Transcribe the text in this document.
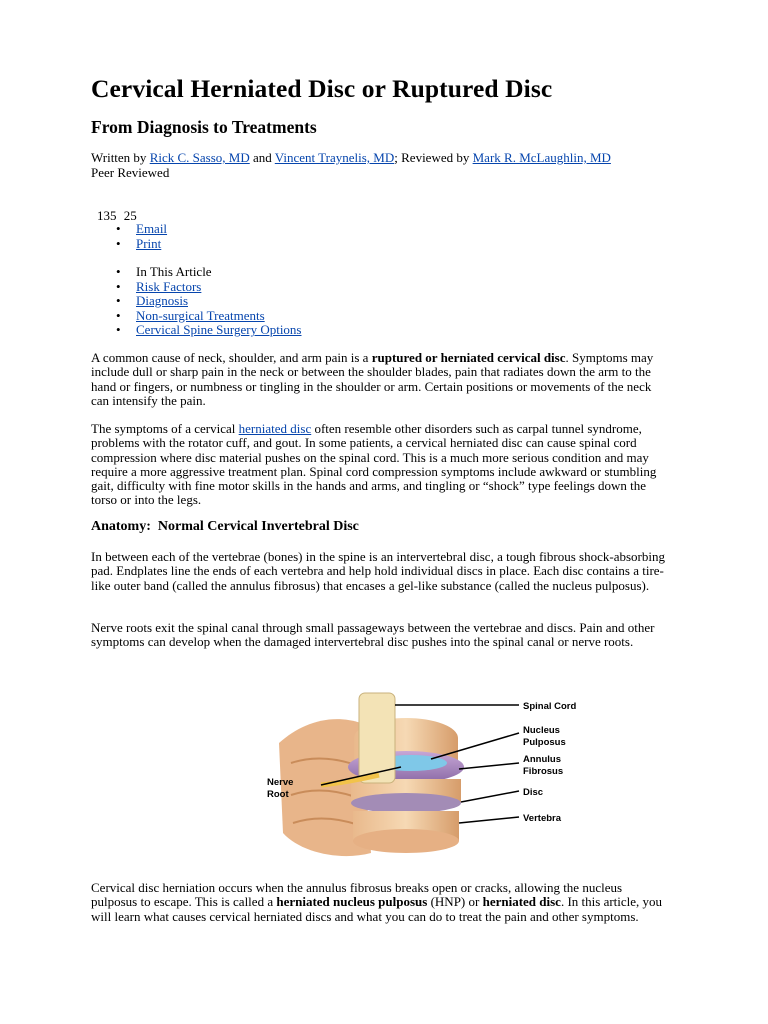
Cervical Herniated Disc or Ruptured Disc
From Diagnosis to Treatments
Written by Rick C. Sasso, MD and Vincent Traynelis, MD; Reviewed by Mark R. McLaughlin, MD
Peer Reviewed
135 25
• Email
• Print
• In This Article
• Risk Factors
• Diagnosis
• Non-surgical Treatments
• Cervical Spine Surgery Options

A common cause of neck, shoulder, and arm pain is a ruptured or herniated cervical disc. Symptoms may include dull or sharp pain in the neck or between the shoulder blades, pain that radiates down the arm to the hand or fingers, or numbness or tingling in the shoulder or arm. Certain positions or movements of the neck can intensify the pain.

The symptoms of a cervical herniated disc often resemble other disorders such as carpal tunnel syndrome, problems with the rotator cuff, and gout. In some patients, a cervical herniated disc can cause spinal cord compression where disc material pushes on the spinal cord. This is a much more serious condition and may require a more aggressive treatment plan. Spinal cord compression symptoms include awkward or stumbling gait, difficulty with fine motor skills in the hands and arms, and tingling or “shock” type feelings down the torso or into the legs.

Anatomy:  Normal Cervical Invertebral Disc

In between each of the vertebrae (bones) in the spine is an intervertebral disc, a tough fibrous shock-absorbing pad. Endplates line the ends of each vertebra and help hold individual discs in place. Each disc contains a tire-like outer band (called the annulus fibrosus) that encases a gel-like substance (called the nucleus pulposus).

Nerve roots exit the spinal canal through small passageways between the vertebrae and discs. Pain and other symptoms can develop when the damaged intervertebral disc pushes into the spinal canal or nerve roots.

Spinal Cord
Nucleus
Pulposus
Annulus
Fibrosus
Nerve
Root	Disc
Vertebra

Cervical disc herniation occurs when the annulus fibrosus breaks open or cracks, allowing the nucleus pulposus to escape. This is called a herniated nucleus pulposus (HNP) or herniated disc. In this article, you will learn what causes cervical herniated discs and what you can do to treat the pain and other symptoms.
